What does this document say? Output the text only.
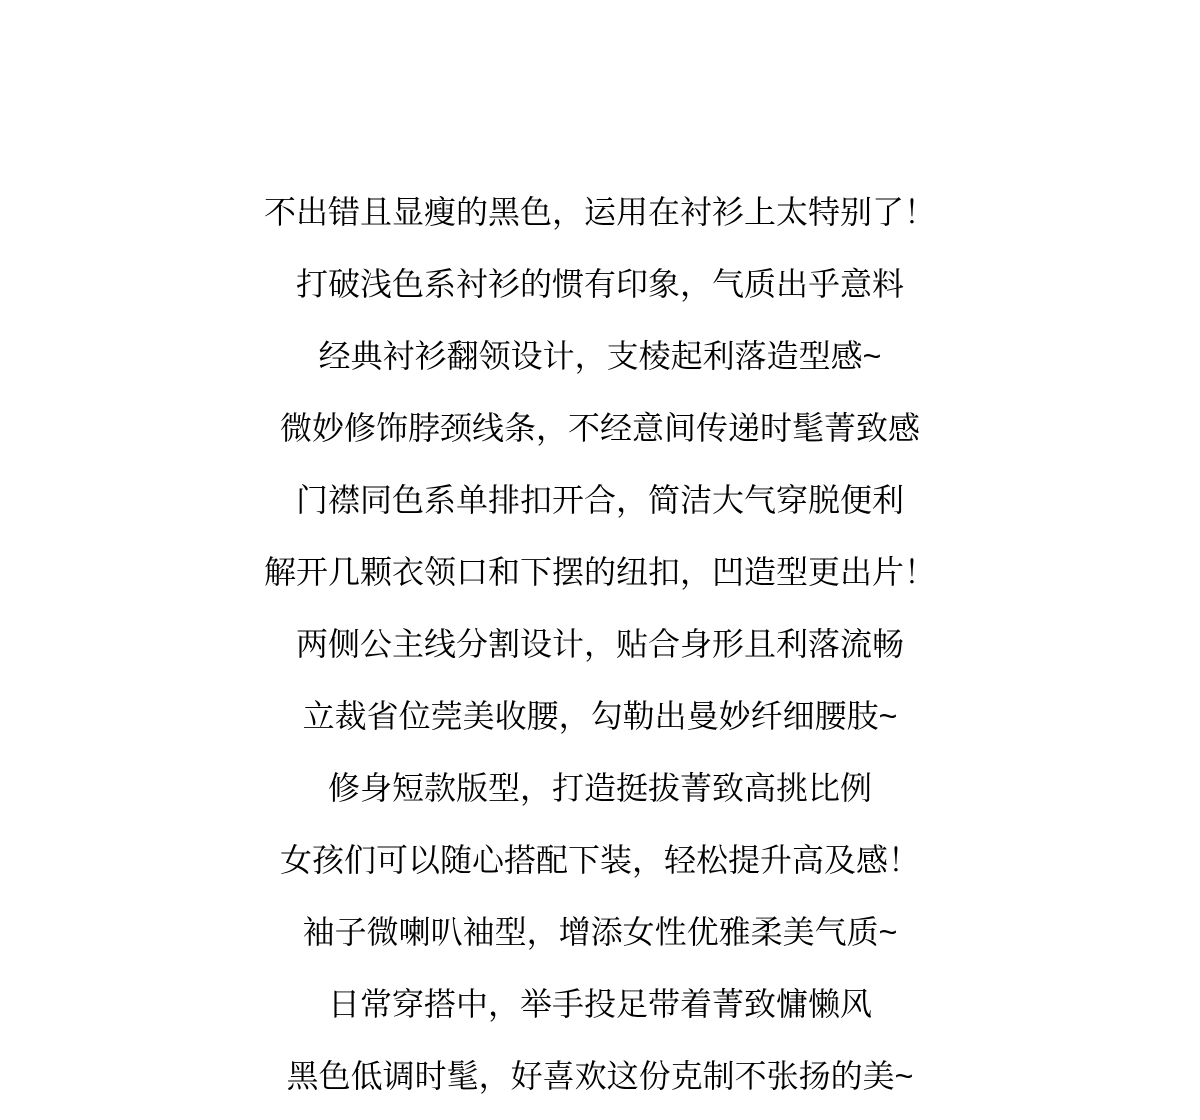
不出错且显瘦的黑色，运用在衬衫上太特别了！

打破浅色系衬衫的惯有印象，气质出乎意料

经典衬衫翻领设计，支棱起利落造型感~

微妙修饰脖颈线条，不经意间传递时髦菁致感

门襟同色系单排扣开合，简洁大气穿脱便利

解开几颗衣领口和下摆的纽扣，凹造型更出片！

两侧公主线分割设计，贴合身形且利落流畅

立裁省位莞美收腰，勾勒出曼妙纤细腰肢~

修身短款版型，打造挺拔菁致高挑比例

女孩们可以随心搭配下装，轻松提升高及感！

袖子微喇叭袖型，增添女性优雅柔美气质~

日常穿搭中，举手投足带着菁致慵懒风

黑色低调时髦，好喜欢这份克制不张扬的美~
